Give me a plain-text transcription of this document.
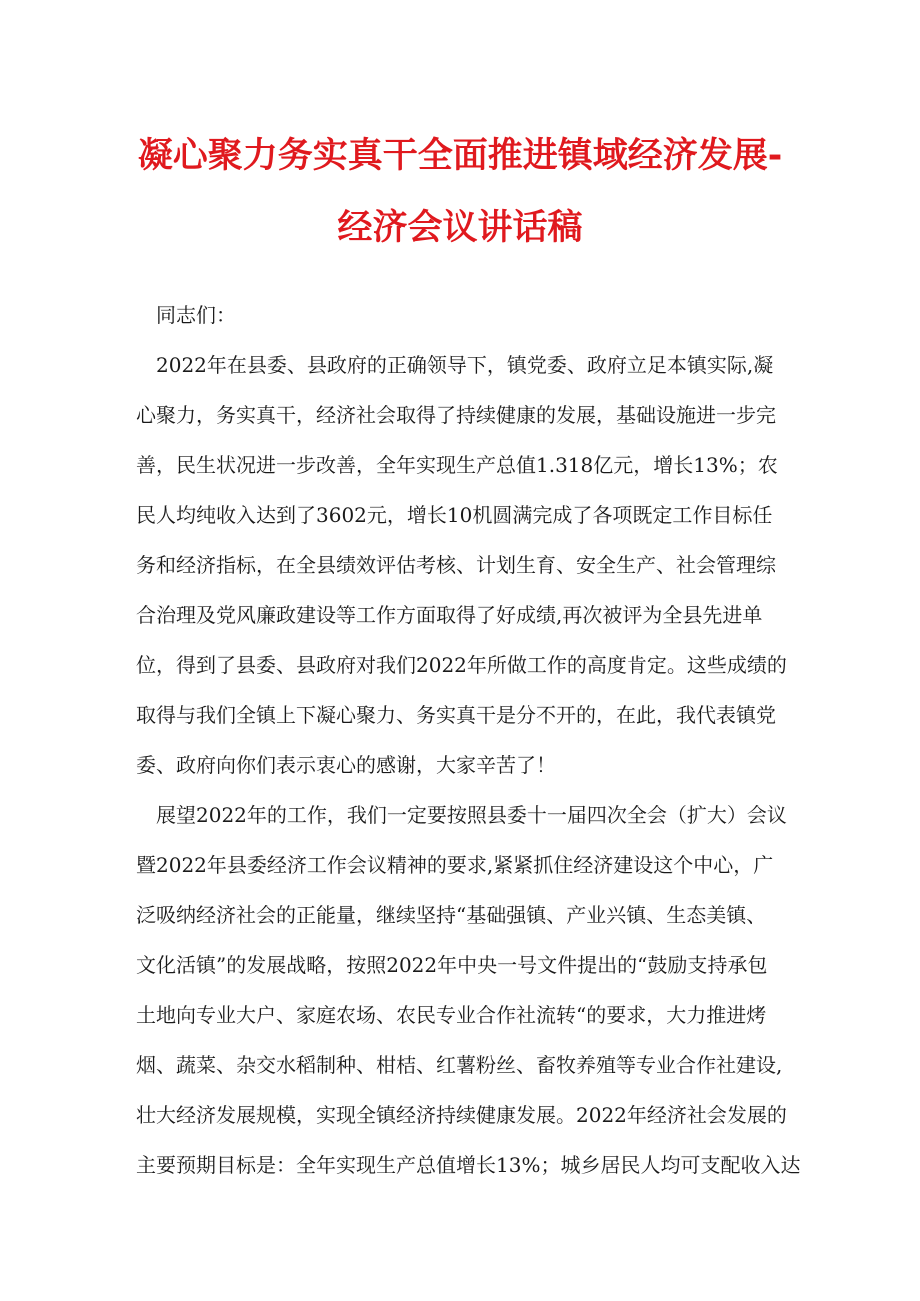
凝心聚力务实真干全面推进镇域经济发展-
经济会议讲话稿
　同志们：
　2022年在县委、县政府的正确领导下，镇党委、政府立足本镇实际,凝
心聚力，务实真干，经济社会取得了持续健康的发展，基础设施进一步完
善，民生状况进一步改善，全年实现生产总值1.318亿元，增长13%；农
民人均纯收入达到了3602元，增长10机圆满完成了各项既定工作目标任
务和经济指标，在全县绩效评估考核、计划生育、安全生产、社会管理综
合治理及党风廉政建设等工作方面取得了好成绩,再次被评为全县先进单
位，得到了县委、县政府对我们2022年所做工作的高度肯定。这些成绩的
取得与我们全镇上下凝心聚力、务实真干是分不开的，在此，我代表镇党
委、政府向你们表示衷心的感谢，大家辛苦了！
　展望2022年的工作，我们一定要按照县委十一届四次全会（扩大）会议
暨2022年县委经济工作会议精神的要求,紧紧抓住经济建设这个中心，广
泛吸纳经济社会的正能量，继续坚持“基础强镇、产业兴镇、生态美镇、
文化活镇”的发展战略，按照2022年中央一号文件提出的“鼓励支持承包
土地向专业大户、家庭农场、农民专业合作社流转“的要求，大力推进烤
烟、蔬菜、杂交水稻制种、柑桔、红薯粉丝、畜牧养殖等专业合作社建设,
壮大经济发展规模，实现全镇经济持续健康发展。2022年经济社会发展的
主要预期目标是：全年实现生产总值增长13%；城乡居民人均可支配收入达
